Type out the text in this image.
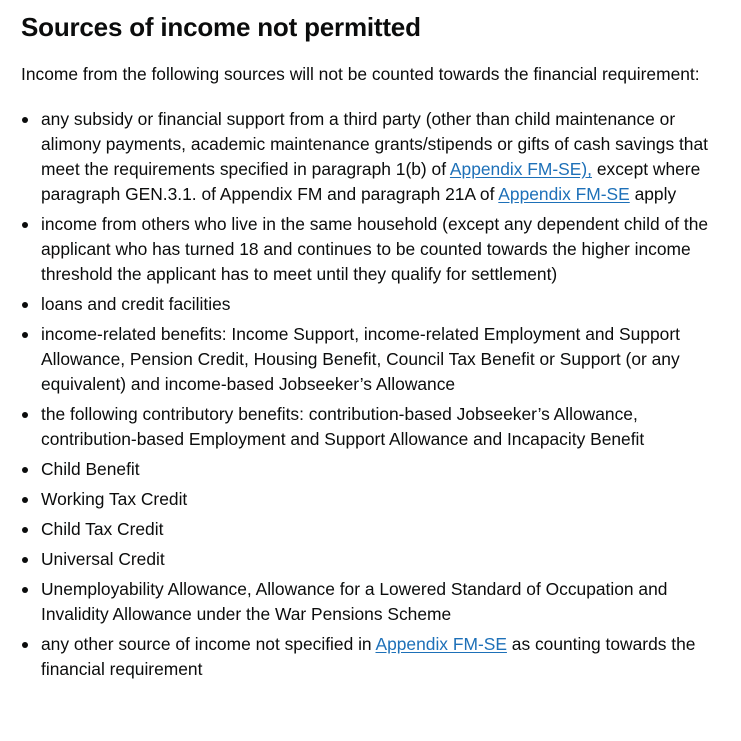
Sources of income not permitted

Income from the following sources will not be counted towards the financial requirement:

any subsidy or financial support from a third party (other than child maintenance or alimony payments, academic maintenance grants/stipends or gifts of cash savings that meet the requirements specified in paragraph 1(b) of Appendix FM-SE), except where paragraph GEN.3.1. of Appendix FM and paragraph 21A of Appendix FM-SE apply
income from others who live in the same household (except any dependent child of the applicant who has turned 18 and continues to be counted towards the higher income threshold the applicant has to meet until they qualify for settlement)
loans and credit facilities
income-related benefits: Income Support, income-related Employment and Support Allowance, Pension Credit, Housing Benefit, Council Tax Benefit or Support (or any equivalent) and income-based Jobseeker’s Allowance
the following contributory benefits: contribution-based Jobseeker’s Allowance, contribution-based Employment and Support Allowance and Incapacity Benefit
Child Benefit
Working Tax Credit
Child Tax Credit
Universal Credit
Unemployability Allowance, Allowance for a Lowered Standard of Occupation and Invalidity Allowance under the War Pensions Scheme
any other source of income not specified in Appendix FM-SE as counting towards the financial requirement
